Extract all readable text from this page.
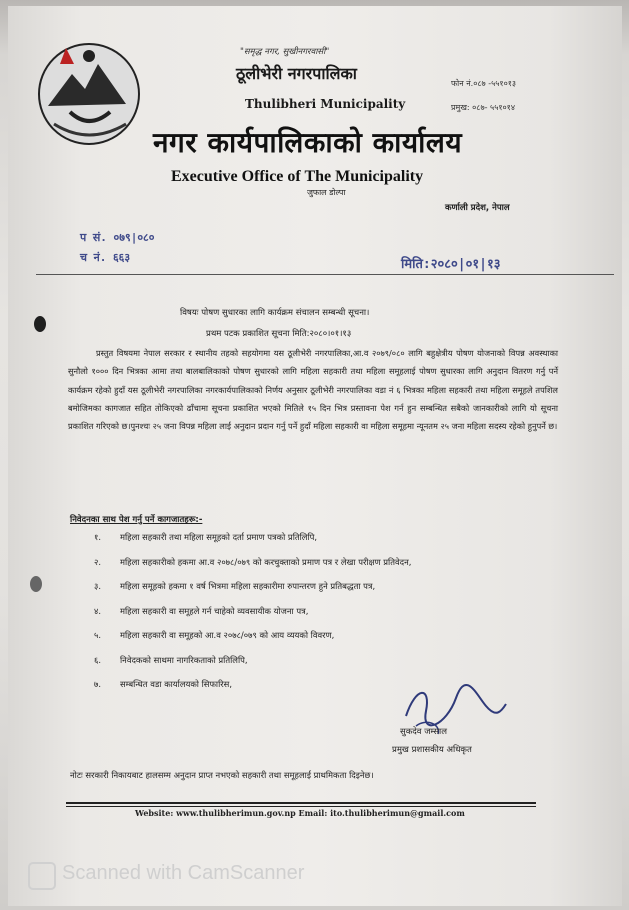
"समृद्ध नगर, सुखीनगरवासी"
ठूलीभेरी नगरपालिका
Thulibheri Municipality
फोन नं.०८७ -५५१०१३
प्रमुख: ०८७- ५५१०१४
नगर कार्यपालिकाको कार्यालय
Executive Office of The Municipality
जुफाल डोल्पा
कर्णाली प्रदेश, नेपाल
प सं. ०७९|०८०
च नं. ६६३	मिति:२०८०|०१|१३
विषयः पोषण सुधारका लागि कार्यक्रम संचालन सम्बन्धी सूचना।
प्रथम पटक प्रकाशित सूचना मिति:२०८०।०१।१३

प्रस्तुत विषयमा नेपाल सरकार र स्थानीय तहको सहयोगमा यस ठूलीभेरी नगरपालिका,आ.व २०७९/०८० लागि बहुक्षेत्रीय पोषण योजनाको विपन्न अवस्थाका सुनौलो १००० दिन भित्रका आमा तथा बालबालिकाको पोषण सुधारको लागि महिला सहकारी तथा महिला समूहलाई पोषण सुधारका लागि अनुदान वितरण गर्नु पर्ने कार्यक्रम रहेको हुदाँ यस ठूलीभेरी नगरपालिका नगरकार्यपालिकाको निर्णय अनुसार ठूलीभेरी नगरपालिका वडा नं ६ भित्रका महिला सहकारी तथा महिला समूहले तपशिल बमोजिमका कागजात सहित तोकिएको ढाँचामा सूचना प्रकाशित भएको मितिले १५ दिन भित्र प्रस्तावना पेश गर्न हुन सम्बन्धित सबैको जानकारीको लागि यो सूचना प्रकाशित गरिएको छ।पुनश्चः २५ जना विपन्न महिला लाई अनुदान प्रदान गर्नु पर्ने हुदाँ महिला सहकारी वा महिला समूहमा न्यूनतम २५ जना महिला सदस्य रहेको हुनुपर्ने छ।

निवेदनका साथ पेश गर्नु पर्ने कागजातहरू:-
१.	महिला सहकारी तथा महिला समूहको दर्ता प्रमाण पत्रको प्रतिलिपि,
२.	महिला सहकारीको हकमा आ.व २०७८/०७९ को करचुक्ताको प्रमाण पत्र र लेखा परीक्षण प्रतिवेदन,
३.	महिला समूहको हकमा १ वर्ष भित्रमा महिला सहकारीमा रुपान्तरण हुने प्रतिबद्धता पत्र,
४.	महिला सहकारी वा समूहले गर्न चाहेको व्यवसायीक योजना पत्र,
५.	महिला सहकारी वा समूहको आ.व २०७८/०७९ को आय व्ययको विवरण,
६.	निवेदकको साथमा नागरिकताको प्रतिलिपि,
७.	सम्बन्धित वडा कार्यालयको सिफारिस,
सुकदेव जम्साल
प्रमुख प्रशासकीय अधिकृत
नोटः सरकारी निकायबाट हालसम्म अनुदान प्राप्त नभएको सहकारी तथा समूहलाई प्राथमिकता दिइनेछ।
Website: www.thulibherimun.gov.np Email: ito.thulibherimun@gmail.com
Scanned with CamScanner
